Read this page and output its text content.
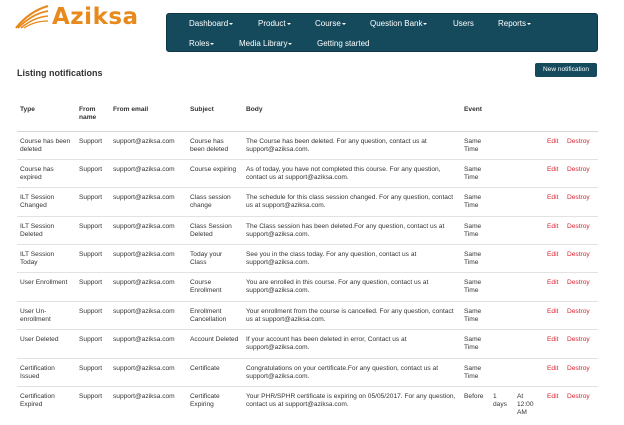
Aziksa	Dashboard	Product	Course	Question Bank	Users	Reports
Roles	Media Library	Getting started
Listing notifications	New notification
Type	From name	From email	Subject	Body	Event				
Course has been deleted	Support	support@aziksa.com	Course has been deleted	The Course has been deleted. For any question, contact us at support@aziksa.com.	Same Time			Edit	Destroy
Course has expired	Support	support@aziksa.com	Course expiring	As of today, you have not completed this course. For any question, contact us at support@aziksa.com.	Same Time			Edit	Destroy
ILT Session Changed	Support	support@aziksa.com	Class session change	The schedule for this class session changed. For any question, contact us at support@aziksa.com.	Same Time			Edit	Destroy
ILT Session Deleted	Support	support@aziksa.com	Class Session Deleted	The Class session has been deleted.For any question, contact us at support@aziksa.com.	Same Time			Edit	Destroy
ILT Session Today	Support	support@aziksa.com	Today your Class	See you in the class today. For any question, contact us at support@aziksa.com.	Same Time			Edit	Destroy
User Enrollment	Support	support@aziksa.com	Course Enrollment	You are enrolled in this course. For any question, contact us at support@aziksa.com.	Same Time			Edit	Destroy
User Un-enrollment	Support	support@aziksa.com	Enrollment Cancellation	Your enrollment from the course is cancelled. For any question, contact us at support@aziksa.com.	Same Time			Edit	Destroy
User Deleted	Support	support@aziksa.com	Account Deleted	If your account has been deleted in error, Contact us at support@aziksa.com.	Same Time			Edit	Destroy
Certification Issued	Support	support@aziksa.com	Certificate	Congratulations on your certificate.For any question, contact us at support@aziksa.com.	Same Time			Edit	Destroy
Certification Expired	Support	support@aziksa.com	Certificate Expiring	Your PHR/SPHR certificate is expiring on 05/05/2017. For any question, contact us at support@aziksa.com.	Before	1 days	At 12:00 AM	Edit	Destroy
